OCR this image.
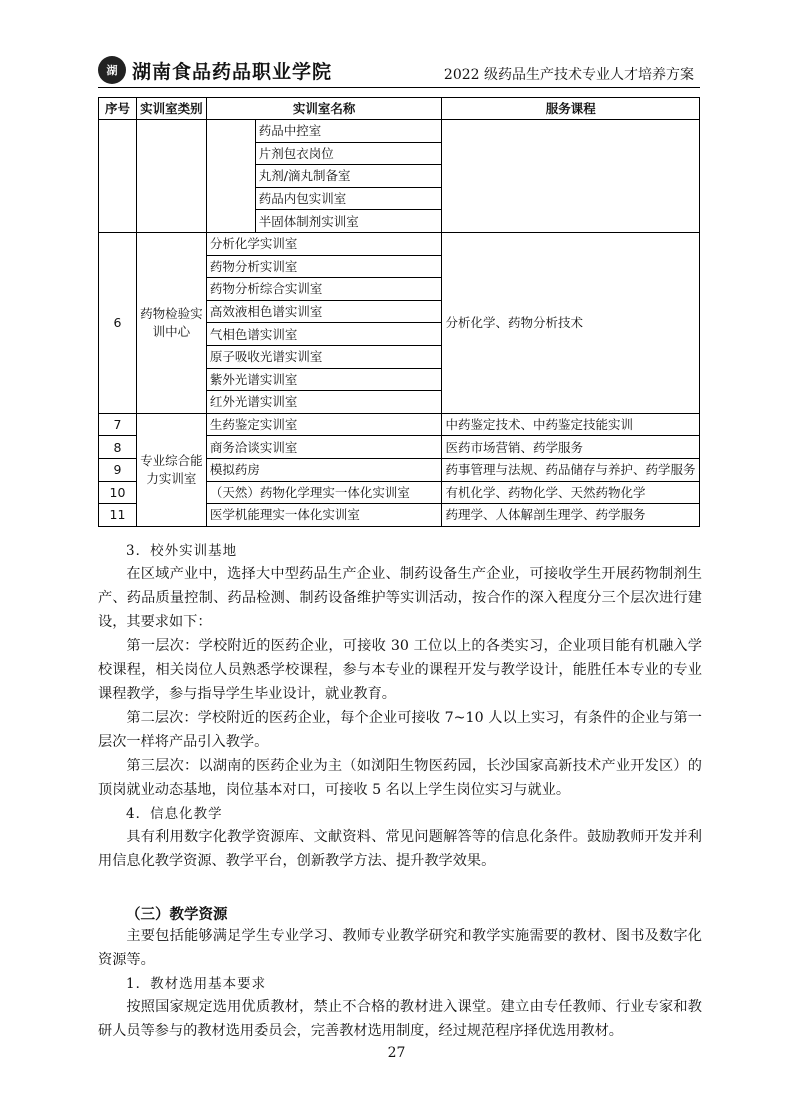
湖 湖南食品药品职业学院	2022 级药品生产技术专业人才培养方案
序号	实训室类别	实训室名称		服务课程
			药品中控室	
			片剂包衣岗位	
			丸剂/滴丸制备室	
			药品内包实训室	
			半固体制剂实训室	
6	药物检验实训中心	分析化学实训室		分析化学、药物分析技术
		药物分析实训室		
		药物分析综合实训室		
		高效液相色谱实训室		
		气相色谱实训室		
		原子吸收光谱实训室		
		紫外光谱实训室		
		红外光谱实训室		
7	专业综合能力实训室	生药鉴定实训室		中药鉴定技术、中药鉴定技能实训
8		商务洽谈实训室		医药市场营销、药学服务
9		模拟药房		药事管理与法规、药品储存与养护、药学服务
10		（天然）药物化学理实一体化实训室		有机化学、药物化学、天然药物化学
11		医学机能理实一体化实训室		药理学、人体解剖生理学、药学服务
3．校外实训基地
在区域产业中，选择大中型药品生产企业、制药设备生产企业，可接收学生开展药物制剂生产、药品质量控制、药品检测、制药设备维护等实训活动，按合作的深入程度分三个层次进行建设，其要求如下：
第一层次：学校附近的医药企业，可接收 30 工位以上的各类实习，企业项目能有机融入学校课程，相关岗位人员熟悉学校课程，参与本专业的课程开发与教学设计，能胜任本专业的专业课程教学，参与指导学生毕业设计，就业教育。
第二层次：学校附近的医药企业，每个企业可接收 7~10 人以上实习，有条件的企业与第一层次一样将产品引入教学。
第三层次：以湖南的医药企业为主（如浏阳生物医药园，长沙国家高新技术产业开发区）的顶岗就业动态基地，岗位基本对口，可接收 5 名以上学生岗位实习与就业。
4．信息化教学
具有利用数字化教学资源库、文献资料、常见问题解答等的信息化条件。鼓励教师开发并利用信息化教学资源、教学平台，创新教学方法、提升教学效果。
（三）教学资源
主要包括能够满足学生专业学习、教师专业教学研究和教学实施需要的教材、图书及数字化资源等。
1．教材选用基本要求
按照国家规定选用优质教材，禁止不合格的教材进入课堂。建立由专任教师、行业专家和教研人员等参与的教材选用委员会，完善教材选用制度，经过规范程序择优选用教材。
27
